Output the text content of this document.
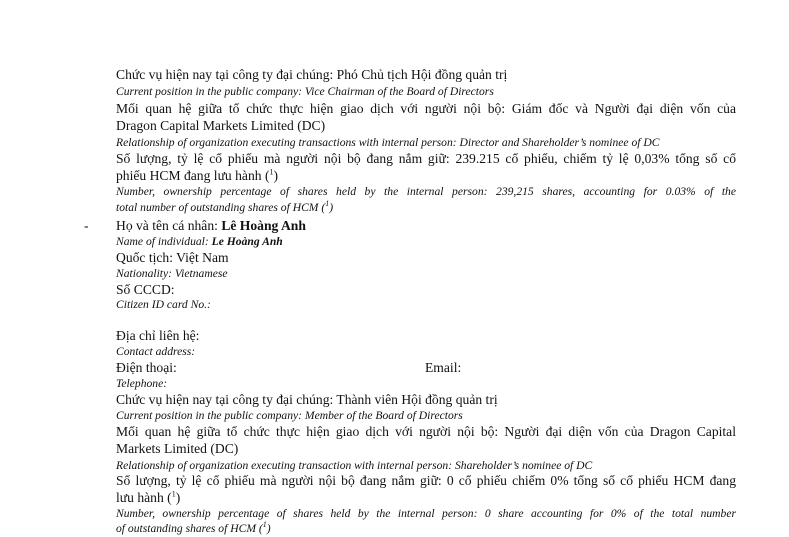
Chức vụ hiện nay tại công ty đại chúng: Phó Chủ tịch Hội đồng quản trị
Current position in the public company: Vice Chairman of the Board of Directors
Mối quan hệ giữa tổ chức thực hiện giao dịch với người nội bộ: Giám đốc và Người đại diện vốn của
Dragon Capital Markets Limited (DC)
Relationship of organization executing transactions with internal person: Director and Shareholder’s nominee of DC
Số lượng, tỷ lệ cổ phiếu mà người nội bộ đang nắm giữ: 239.215 cổ phiếu, chiếm tỷ lệ 0,03% tổng số cổ
phiếu HCM đang lưu hành ($^1$)
Number, ownership percentage of shares held by the internal person: 239,215 shares, accounting for 0.03% of the
total number of outstanding shares of HCM ($^1$)
- Họ và tên cá nhân: Lê Hoàng Anh
Name of individual: Le Hoàng Anh
Quốc tịch: Việt Nam
Nationality: Vietnamese
Số CCCD:
Citizen ID card No.:
Địa chỉ liên hệ:
Contact address:
Điện thoại:	Email:
Telephone:
Chức vụ hiện nay tại công ty đại chúng: Thành viên Hội đồng quản trị
Current position in the public company: Member of the Board of Directors
Mối quan hệ giữa tổ chức thực hiện giao dịch với người nội bộ: Người đại diện vốn của Dragon Capital
Markets Limited (DC)
Relationship of organization executing transaction with internal person: Shareholder’s nominee of DC
Số lượng, tỷ lệ cổ phiếu mà người nội bộ đang nắm giữ: 0 cổ phiếu chiếm 0% tổng số cổ phiếu HCM đang
lưu hành ($^1$)
Number, ownership percentage of shares held by the internal person: 0 share accounting for 0% of the total number
of outstanding shares of HCM ($^1$)
